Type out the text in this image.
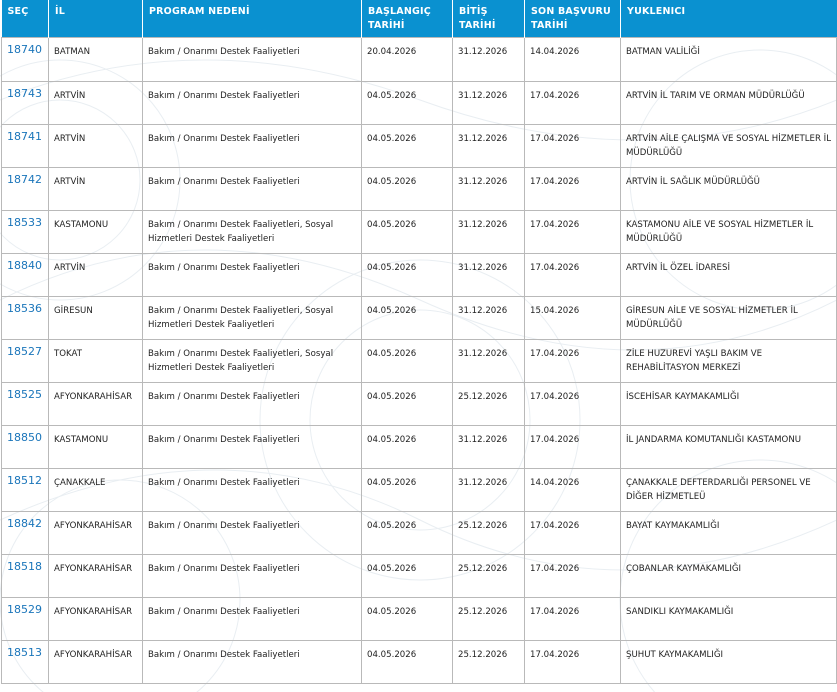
SEÇ	İL	PROGRAM NEDENİ	BAŞLANGIÇ TARİHİ	BİTİŞ TARİHİ	SON BAŞVURU TARİHİ	YUKLENICI
18740	BATMAN	Bakım / Onarımı Destek Faaliyetleri	20.04.2026	31.12.2026	14.04.2026	BATMAN VALİLİĞİ
18743	ARTVİN	Bakım / Onarımı Destek Faaliyetleri	04.05.2026	31.12.2026	17.04.2026	ARTVİN İL TARIM VE ORMAN MÜDÜRLÜĞÜ
18741	ARTVİN	Bakım / Onarımı Destek Faaliyetleri	04.05.2026	31.12.2026	17.04.2026	ARTVİN AİLE ÇALIŞMA VE SOSYAL HİZMETLER İL MÜDÜRLÜĞÜ
18742	ARTVİN	Bakım / Onarımı Destek Faaliyetleri	04.05.2026	31.12.2026	17.04.2026	ARTVİN İL SAĞLIK MÜDÜRLÜĞÜ
18533	KASTAMONU	Bakım / Onarımı Destek Faaliyetleri, Sosyal Hizmetleri Destek Faaliyetleri	04.05.2026	31.12.2026	17.04.2026	KASTAMONU AİLE VE SOSYAL HİZMETLER İL MÜDÜRLÜĞÜ
18840	ARTVİN	Bakım / Onarımı Destek Faaliyetleri	04.05.2026	31.12.2026	17.04.2026	ARTVİN İL ÖZEL İDARESİ
18536	GİRESUN	Bakım / Onarımı Destek Faaliyetleri, Sosyal Hizmetleri Destek Faaliyetleri	04.05.2026	31.12.2026	15.04.2026	GİRESUN AİLE VE SOSYAL HİZMETLER İL MÜDÜRLÜĞÜ
18527	TOKAT	Bakım / Onarımı Destek Faaliyetleri, Sosyal Hizmetleri Destek Faaliyetleri	04.05.2026	31.12.2026	17.04.2026	ZİLE HUZUREVİ YAŞLI BAKIM VE REHABİLİTASYON MERKEZİ
18525	AFYONKARAHİSAR	Bakım / Onarımı Destek Faaliyetleri	04.05.2026	25.12.2026	17.04.2026	İSCEHİSAR KAYMAKAMLIĞI
18850	KASTAMONU	Bakım / Onarımı Destek Faaliyetleri	04.05.2026	31.12.2026	17.04.2026	İL JANDARMA KOMUTANLIĞI KASTAMONU
18512	ÇANAKKALE	Bakım / Onarımı Destek Faaliyetleri	04.05.2026	31.12.2026	14.04.2026	ÇANAKKALE DEFTERDARLIĞI PERSONEL VE DİĞER HİZMETLEÜ
18842	AFYONKARAHİSAR	Bakım / Onarımı Destek Faaliyetleri	04.05.2026	25.12.2026	17.04.2026	BAYAT KAYMAKAMLIĞI
18518	AFYONKARAHİSAR	Bakım / Onarımı Destek Faaliyetleri	04.05.2026	25.12.2026	17.04.2026	ÇOBANLAR KAYMAKAMLIĞI
18529	AFYONKARAHİSAR	Bakım / Onarımı Destek Faaliyetleri	04.05.2026	25.12.2026	17.04.2026	SANDIKLI KAYMAKAMLIĞI
18513	AFYONKARAHİSAR	Bakım / Onarımı Destek Faaliyetleri	04.05.2026	25.12.2026	17.04.2026	ŞUHUT KAYMAKAMLIĞI
